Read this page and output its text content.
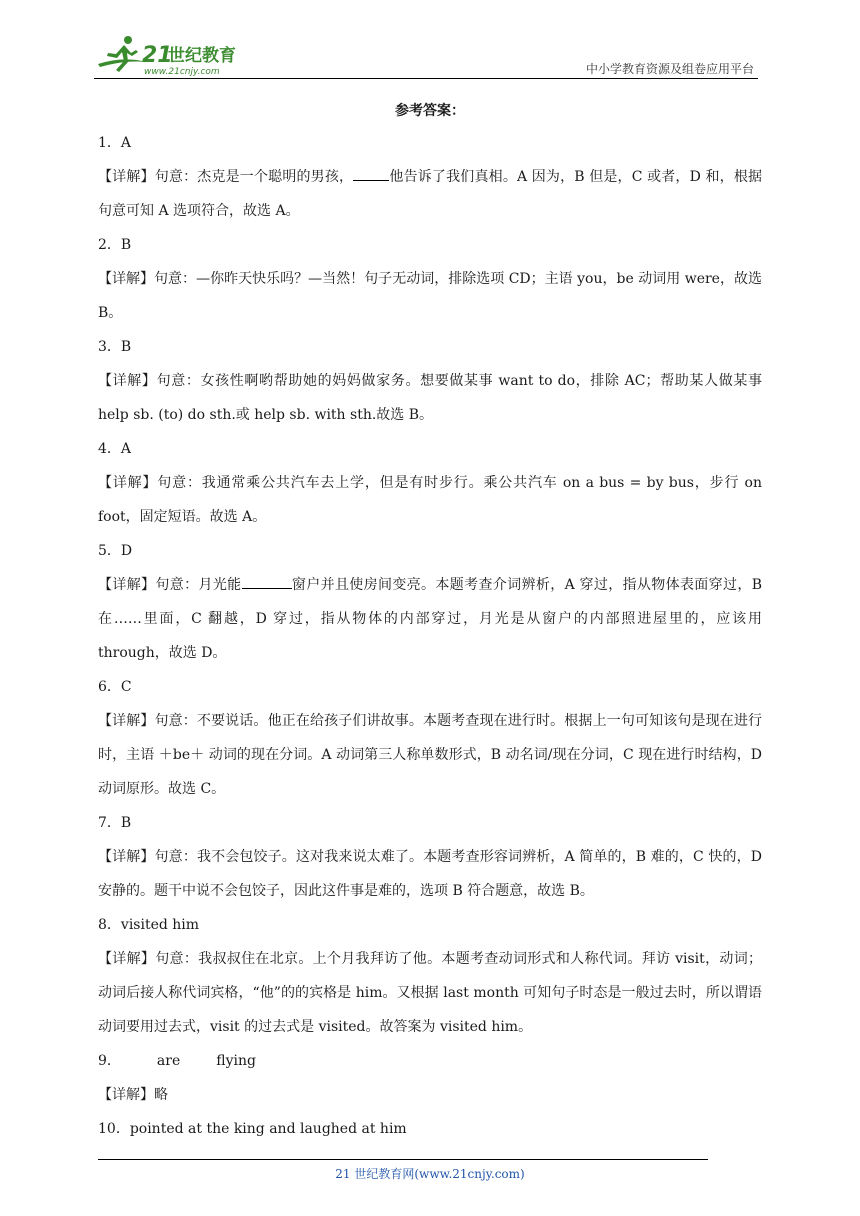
21
世纪教育
www.21cnjy.com	中小学教育资源及组卷应用平台
参考答案：
1．A
【详解】句意：杰克是一个聪明的男孩，	他告诉了我们真相。A 因为，B 但是，C 或者，D 和，根据句意可知 A 选项符合，故选 A。
2．B
【详解】句意：—你昨天快乐吗？—当然！句子无动词，排除选项 CD；主语 you，be 动词用 were，故选 B。
3．B
【详解】句意：女孩性啊哟帮助她的妈妈做家务。想要做某事 want to do，排除 AC；帮助某人做某事 help sb. (to) do sth.或 help sb. with sth.故选 B。
4．A
【详解】句意：我通常乘公共汽车去上学，但是有时步行。乘公共汽车 on a bus = by bus，步行 on foot，固定短语。故选 A。
5．D
【详解】句意：月光能	窗户并且使房间变亮。本题考查介词辨析，A 穿过，指从物体表面穿过，B 在……里面，C 翻越，D 穿过，指从物体的内部穿过，月光是从窗户的内部照进屋里的，应该用 through，故选 D。
6．C
【详解】句意：不要说话。他正在给孩子们讲故事。本题考查现在进行时。根据上一句可知该句是现在进行时，主语 ＋be＋ 动词的现在分词。A 动词第三人称单数形式，B 动名词/现在分词，C 现在进行时结构，D 动词原形。故选 C。
7．B
【详解】句意：我不会包饺子。这对我来说太难了。本题考查形容词辨析，A 简单的，B 难的，C 快的，D 安静的。题干中说不会包饺子，因此这件事是难的，选项 B 符合题意，故选 B。
8．visited him
【详解】句意：我叔叔住在北京。上个月我拜访了他。本题考查动词形式和人称代词。拜访 visit，动词；动词后接人称代词宾格，“他”的的宾格是 him。又根据 last month 可知句子时态是一般过去时，所以谓语动词要用过去式，visit 的过去式是 visited。故答案为 visited him。
9．	are	flying
【详解】略
10．pointed at the king and laughed at him
21 世纪教育网(www.21cnjy.com)
